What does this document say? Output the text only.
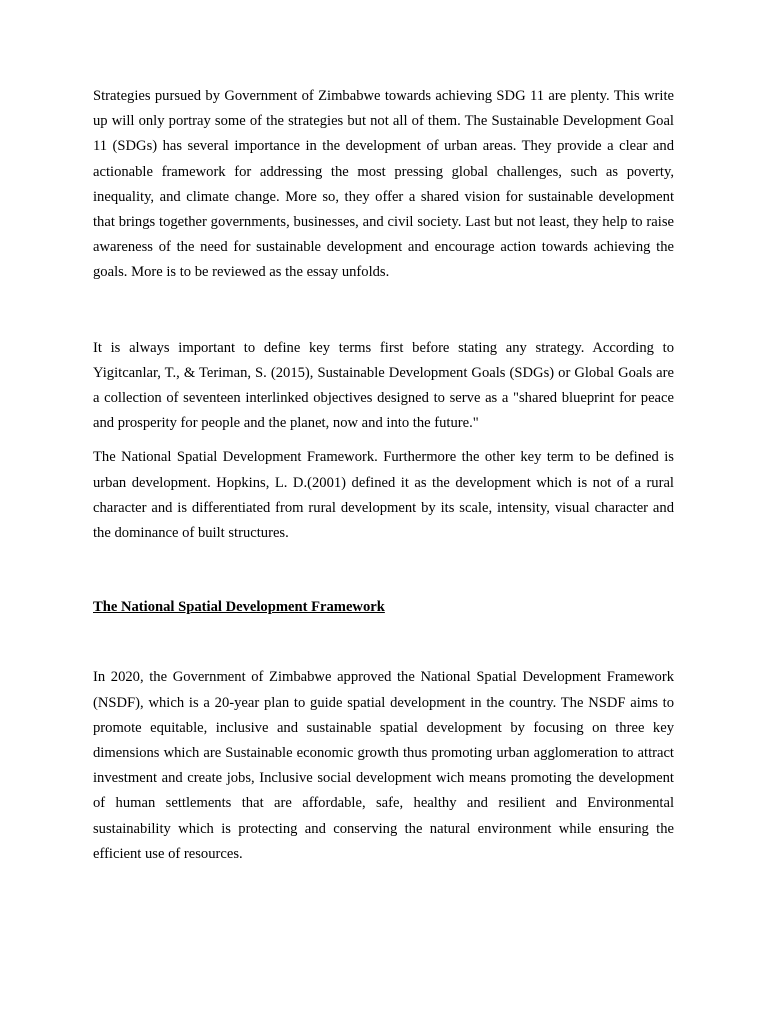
Strategies pursued by Government of Zimbabwe towards achieving SDG 11 are plenty. This write up will only portray some of the strategies but not all of them. The Sustainable Development Goal 11 (SDGs) has several importance in the development of urban areas. They provide a clear and actionable framework for addressing the most pressing global challenges, such as poverty, inequality, and climate change. More so, they offer a shared vision for sustainable development that brings together governments, businesses, and civil society. Last but not least, they help to raise awareness of the need for sustainable development and encourage action towards achieving the goals. More is to be reviewed as the essay unfolds.

It is always important to define key terms first before stating any strategy. According to Yigitcanlar, T., & Teriman, S. (2015), Sustainable Development Goals (SDGs) or Global Goals are a collection of seventeen interlinked objectives designed to serve as a "shared blueprint for peace and prosperity for people and the planet, now and into the future."

The National Spatial Development Framework. Furthermore the other key term to be defined is urban development. Hopkins, L. D.(2001) defined it as the development which is not of a rural character and is differentiated from rural development by its scale, intensity, visual character and the dominance of built structures.

The National Spatial Development Framework

In 2020, the Government of Zimbabwe approved the National Spatial Development Framework (NSDF), which is a 20-year plan to guide spatial development in the country. The NSDF aims to promote equitable, inclusive and sustainable spatial development by focusing on three key dimensions which are Sustainable economic growth thus promoting urban agglomeration to attract investment and create jobs, Inclusive social development wich means promoting the development of human settlements that are affordable, safe, healthy and resilient and Environmental sustainability which is protecting and conserving the natural environment while ensuring the efficient use of resources.
